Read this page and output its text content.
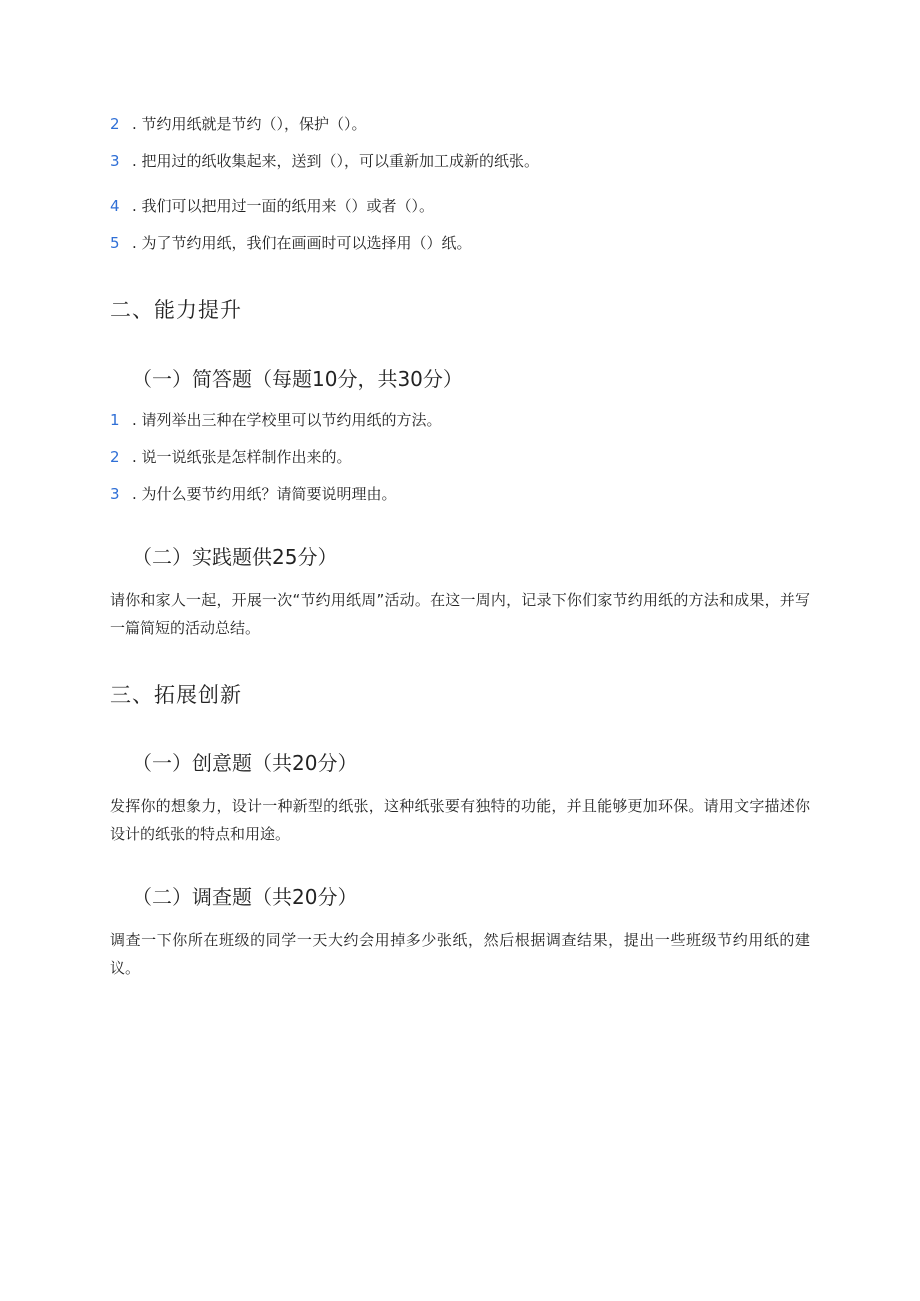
2 . 节约用纸就是节约（），保护（）。
3 . 把用过的纸收集起来，送到（），可以重新加工成新的纸张。
4 . 我们可以把用过一面的纸用来（）或者（）。
5 . 为了节约用纸，我们在画画时可以选择用（）纸。
二、能力提升
（一）简答题（每题10分，共30分）
1 . 请列举出三种在学校里可以节约用纸的方法。
2 . 说一说纸张是怎样制作出来的。
3 . 为什么要节约用纸？请简要说明理由。
（二）实践题供25分）
请你和家人一起，开展一次“节约用纸周”活动。在这一周内，记录下你们家节约用纸的方法和成果，并写一篇简短的活动总结。
三、拓展创新
（一）创意题（共20分）
发挥你的想象力，设计一种新型的纸张，这种纸张要有独特的功能，并且能够更加环保。请用文字描述你设计的纸张的特点和用途。
（二）调查题（共20分）
调查一下你所在班级的同学一天大约会用掉多少张纸，然后根据调查结果，提出一些班级节约用纸的建议。
